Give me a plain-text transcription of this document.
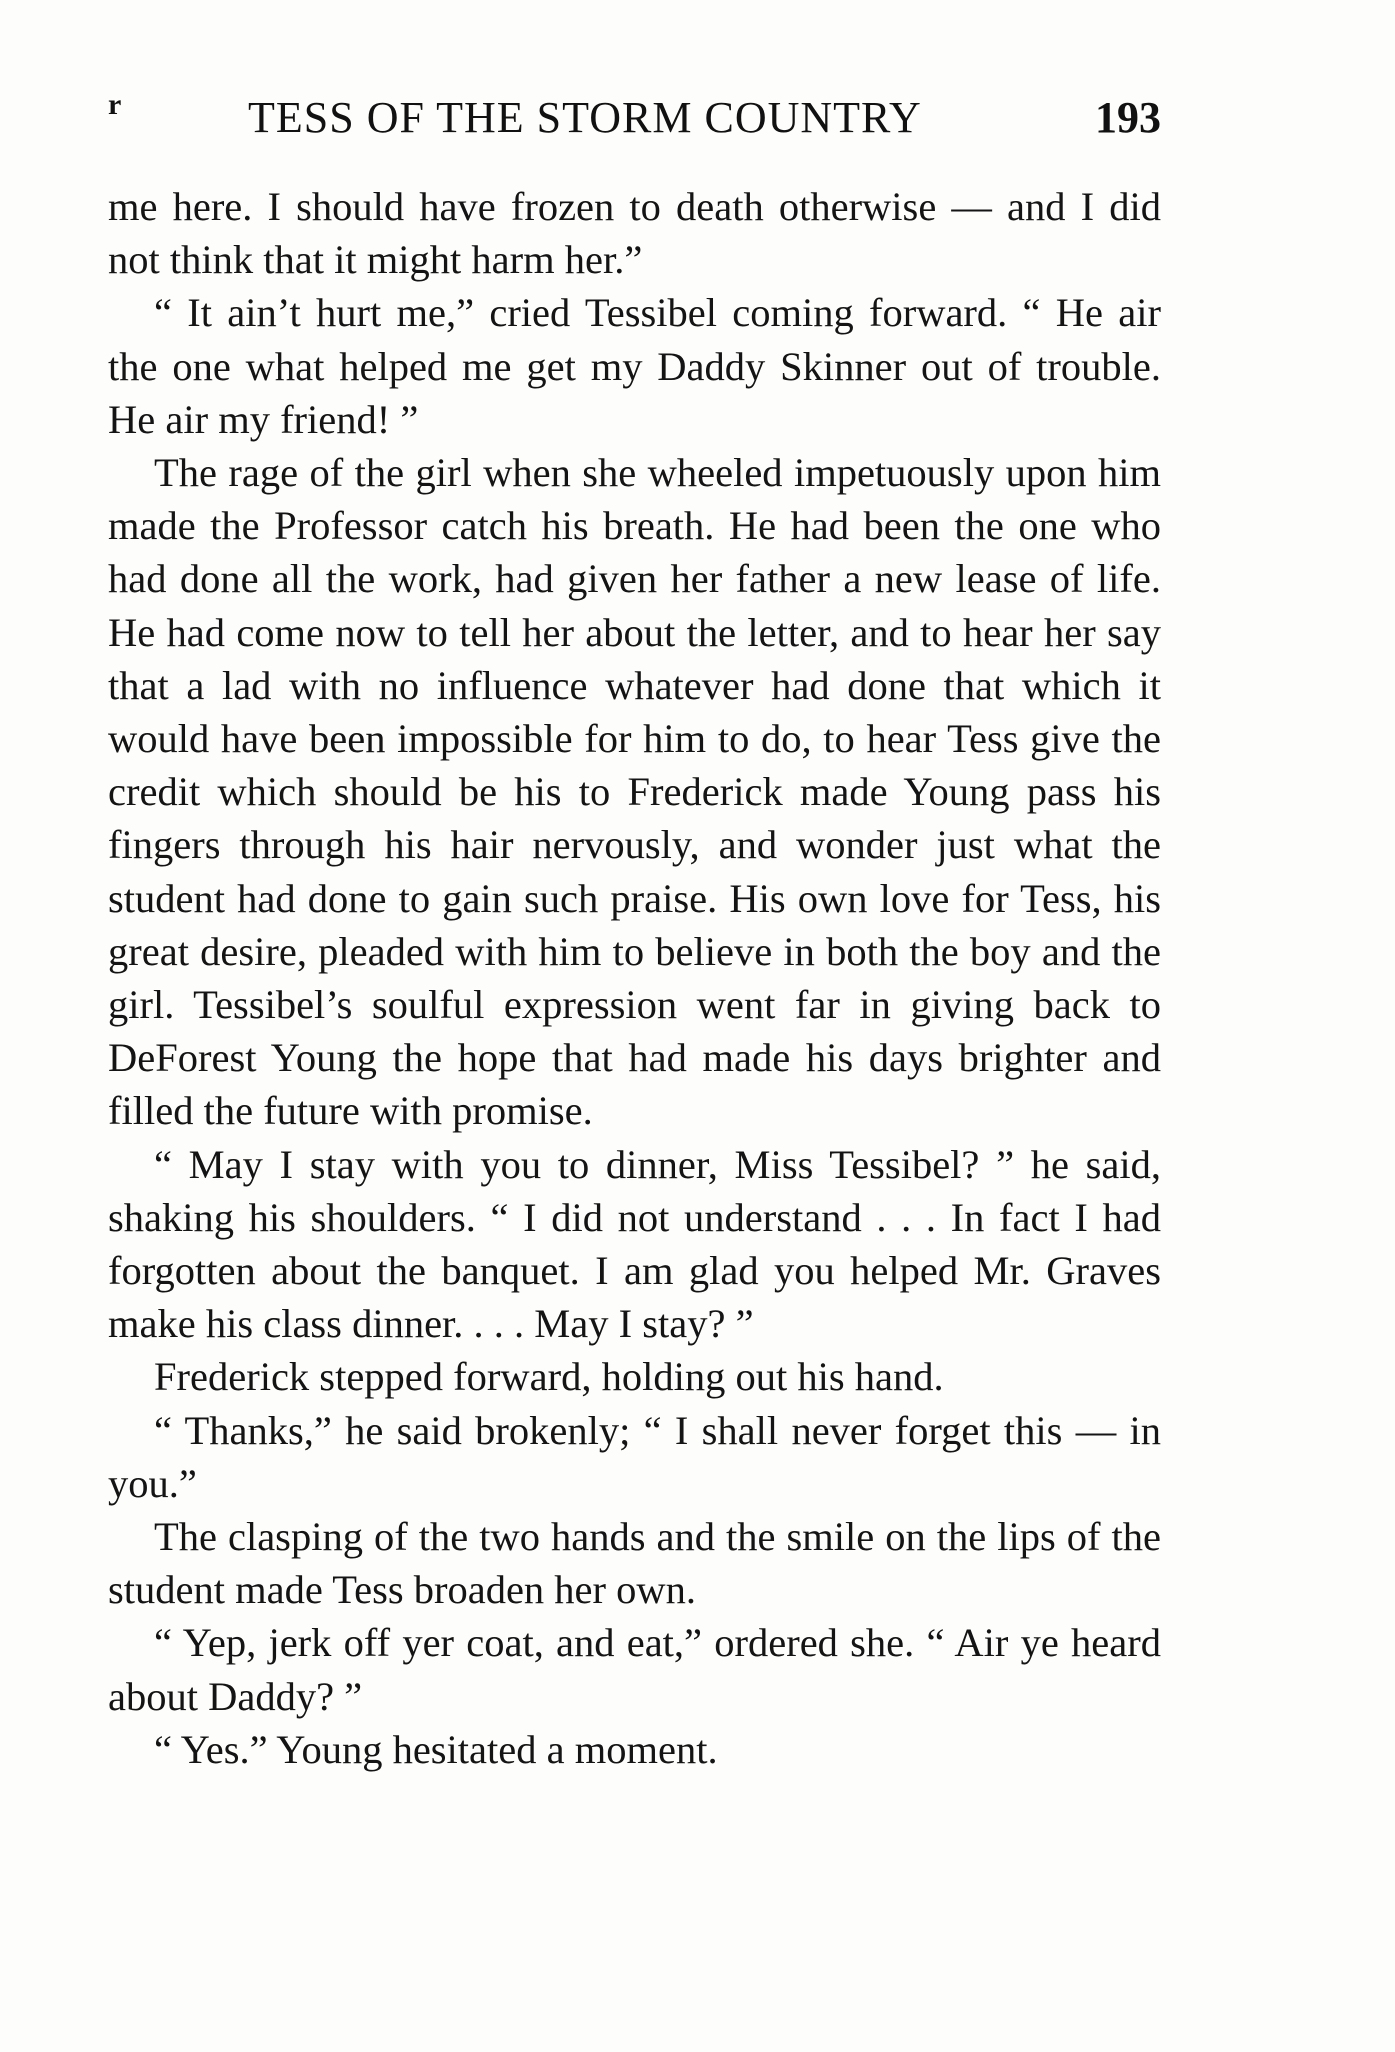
r	TESS OF THE STORM COUNTRY	193

me here. I should have frozen to death otherwise — and I did not think that it might harm her.”

“ It ain’t hurt me,” cried Tessibel coming forward. “ He air the one what helped me get my Daddy Skinner out of trouble. He air my friend! ”

The rage of the girl when she wheeled impetuously upon him made the Professor catch his breath. He had been the one who had done all the work, had given her father a new lease of life. He had come now to tell her about the letter, and to hear her say that a lad with no influence whatever had done that which it would have been impossible for him to do, to hear Tess give the credit which should be his to Frederick made Young pass his fingers through his hair nervously, and wonder just what the student had done to gain such praise. His own love for Tess, his great desire, pleaded with him to believe in both the boy and the girl. Tessibel’s soulful expression went far in giving back to DeForest Young the hope that had made his days brighter and filled the future with promise.

“ May I stay with you to dinner, Miss Tessibel? ” he said, shaking his shoulders. “ I did not understand . . . In fact I had forgotten about the banquet. I am glad you helped Mr. Graves make his class dinner. . . . May I stay? ”

Frederick stepped forward, holding out his hand.

“ Thanks,” he said brokenly; “ I shall never forget this — in you.”

The clasping of the two hands and the smile on the lips of the student made Tess broaden her own.

“ Yep, jerk off yer coat, and eat,” ordered she. “ Air ye heard about Daddy? ”

“ Yes.” Young hesitated a moment.
